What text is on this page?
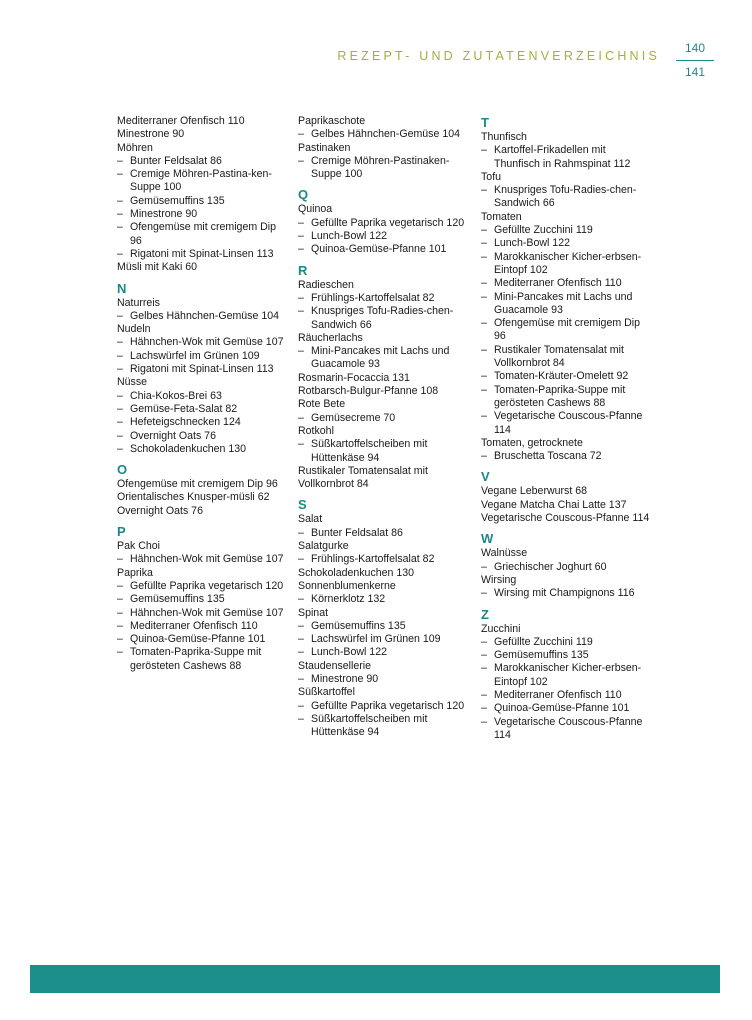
REZEPT- UND ZUTATENVERZEICHNIS
140
141
Mediterraner Ofenfisch 110
Minestrone 90
Möhren
– Bunter Feldsalat 86
– Cremige Möhren-Pastina-ken-Suppe 100
– Gemüsemuffins 135
– Minestrone 90
– Ofengemüse mit cremigem Dip 96
– Rigatoni mit Spinat-Linsen 113
Müsli mit Kaki 60
N
Naturreis
– Gelbes Hähnchen-Gemüse 104
Nudeln
– Hähnchen-Wok mit Gemüse 107
– Lachswürfel im Grünen 109
– Rigatoni mit Spinat-Linsen 113
Nüsse
– Chia-Kokos-Brei 63
– Gemüse-Feta-Salat 82
– Hefeteigschnecken 124
– Overnight Oats 76
– Schokoladenkuchen 130
O
Ofengemüse mit cremigem Dip 96
Orientalisches Knusper-müsli 62
Overnight Oats 76
P
Pak Choi
– Hähnchen-Wok mit Gemüse 107
Paprika
– Gefüllte Paprika vegetarisch 120
– Gemüsemuffins 135
– Hähnchen-Wok mit Gemüse 107
– Mediterraner Ofenfisch 110
– Quinoa-Gemüse-Pfanne 101
– Tomaten-Paprika-Suppe mit gerösteten Cashews 88
Paprikaschote
– Gelbes Hähnchen-Gemüse 104
Pastinaken
– Cremige Möhren-Pastinaken-Suppe 100
Q
Quinoa
– Gefüllte Paprika vegetarisch 120
– Lunch-Bowl 122
– Quinoa-Gemüse-Pfanne 101
R
Radieschen
– Frühlings-Kartoffelsalat 82
– Knuspriges Tofu-Radies-chen-Sandwich 66
Räucherlachs
– Mini-Pancakes mit Lachs und Guacamole 93
Rosmarin-Focaccia 131
Rotbarsch-Bulgur-Pfanne 108
Rote Bete
– Gemüsecreme 70
Rotkohl
– Süßkartoffelscheiben mit Hüttenkäse 94
Rustikaler Tomatensalat mit Vollkornbrot 84
S
Salat
– Bunter Feldsalat 86
Salatgurke
– Frühlings-Kartoffelsalat 82
Schokoladenkuchen 130
Sonnenblumenkerne
– Körnerklotz 132
Spinat
– Gemüsemuffins 135
– Lachswürfel im Grünen 109
– Lunch-Bowl 122
Staudensellerie
– Minestrone 90
Süßkartoffel
– Gefüllte Paprika vegetarisch 120
– Süßkartoffelscheiben mit Hüttenkäse 94
T
Thunfisch
– Kartoffel-Frikadellen mit Thunfisch in Rahmspinat 112
Tofu
– Knuspriges Tofu-Radies-chen-Sandwich 66
Tomaten
– Gefüllte Zucchini 119
– Lunch-Bowl 122
– Marokkanischer Kicher-erbsen-Eintopf 102
– Mediterraner Ofenfisch 110
– Mini-Pancakes mit Lachs und Guacamole 93
– Ofengemüse mit cremigem Dip 96
– Rustikaler Tomatensalat mit Vollkornbrot 84
– Tomaten-Kräuter-Omelett 92
– Tomaten-Paprika-Suppe mit gerösteten Cashews 88
– Vegetarische Couscous-Pfanne 114
Tomaten, getrocknete
– Bruschetta Toscana 72
V
Vegane Leberwurst 68
Vegane Matcha Chai Latte 137
Vegetarische Couscous-Pfanne 114
W
Walnüsse
– Griechischer Joghurt 60
Wirsing
– Wirsing mit Champignons 116
Z
Zucchini
– Gefüllte Zucchini 119
– Gemüsemuffins 135
– Marokkanischer Kicher-erbsen-Eintopf 102
– Mediterraner Ofenfisch 110
– Quinoa-Gemüse-Pfanne 101
– Vegetarische Couscous-Pfanne 114
